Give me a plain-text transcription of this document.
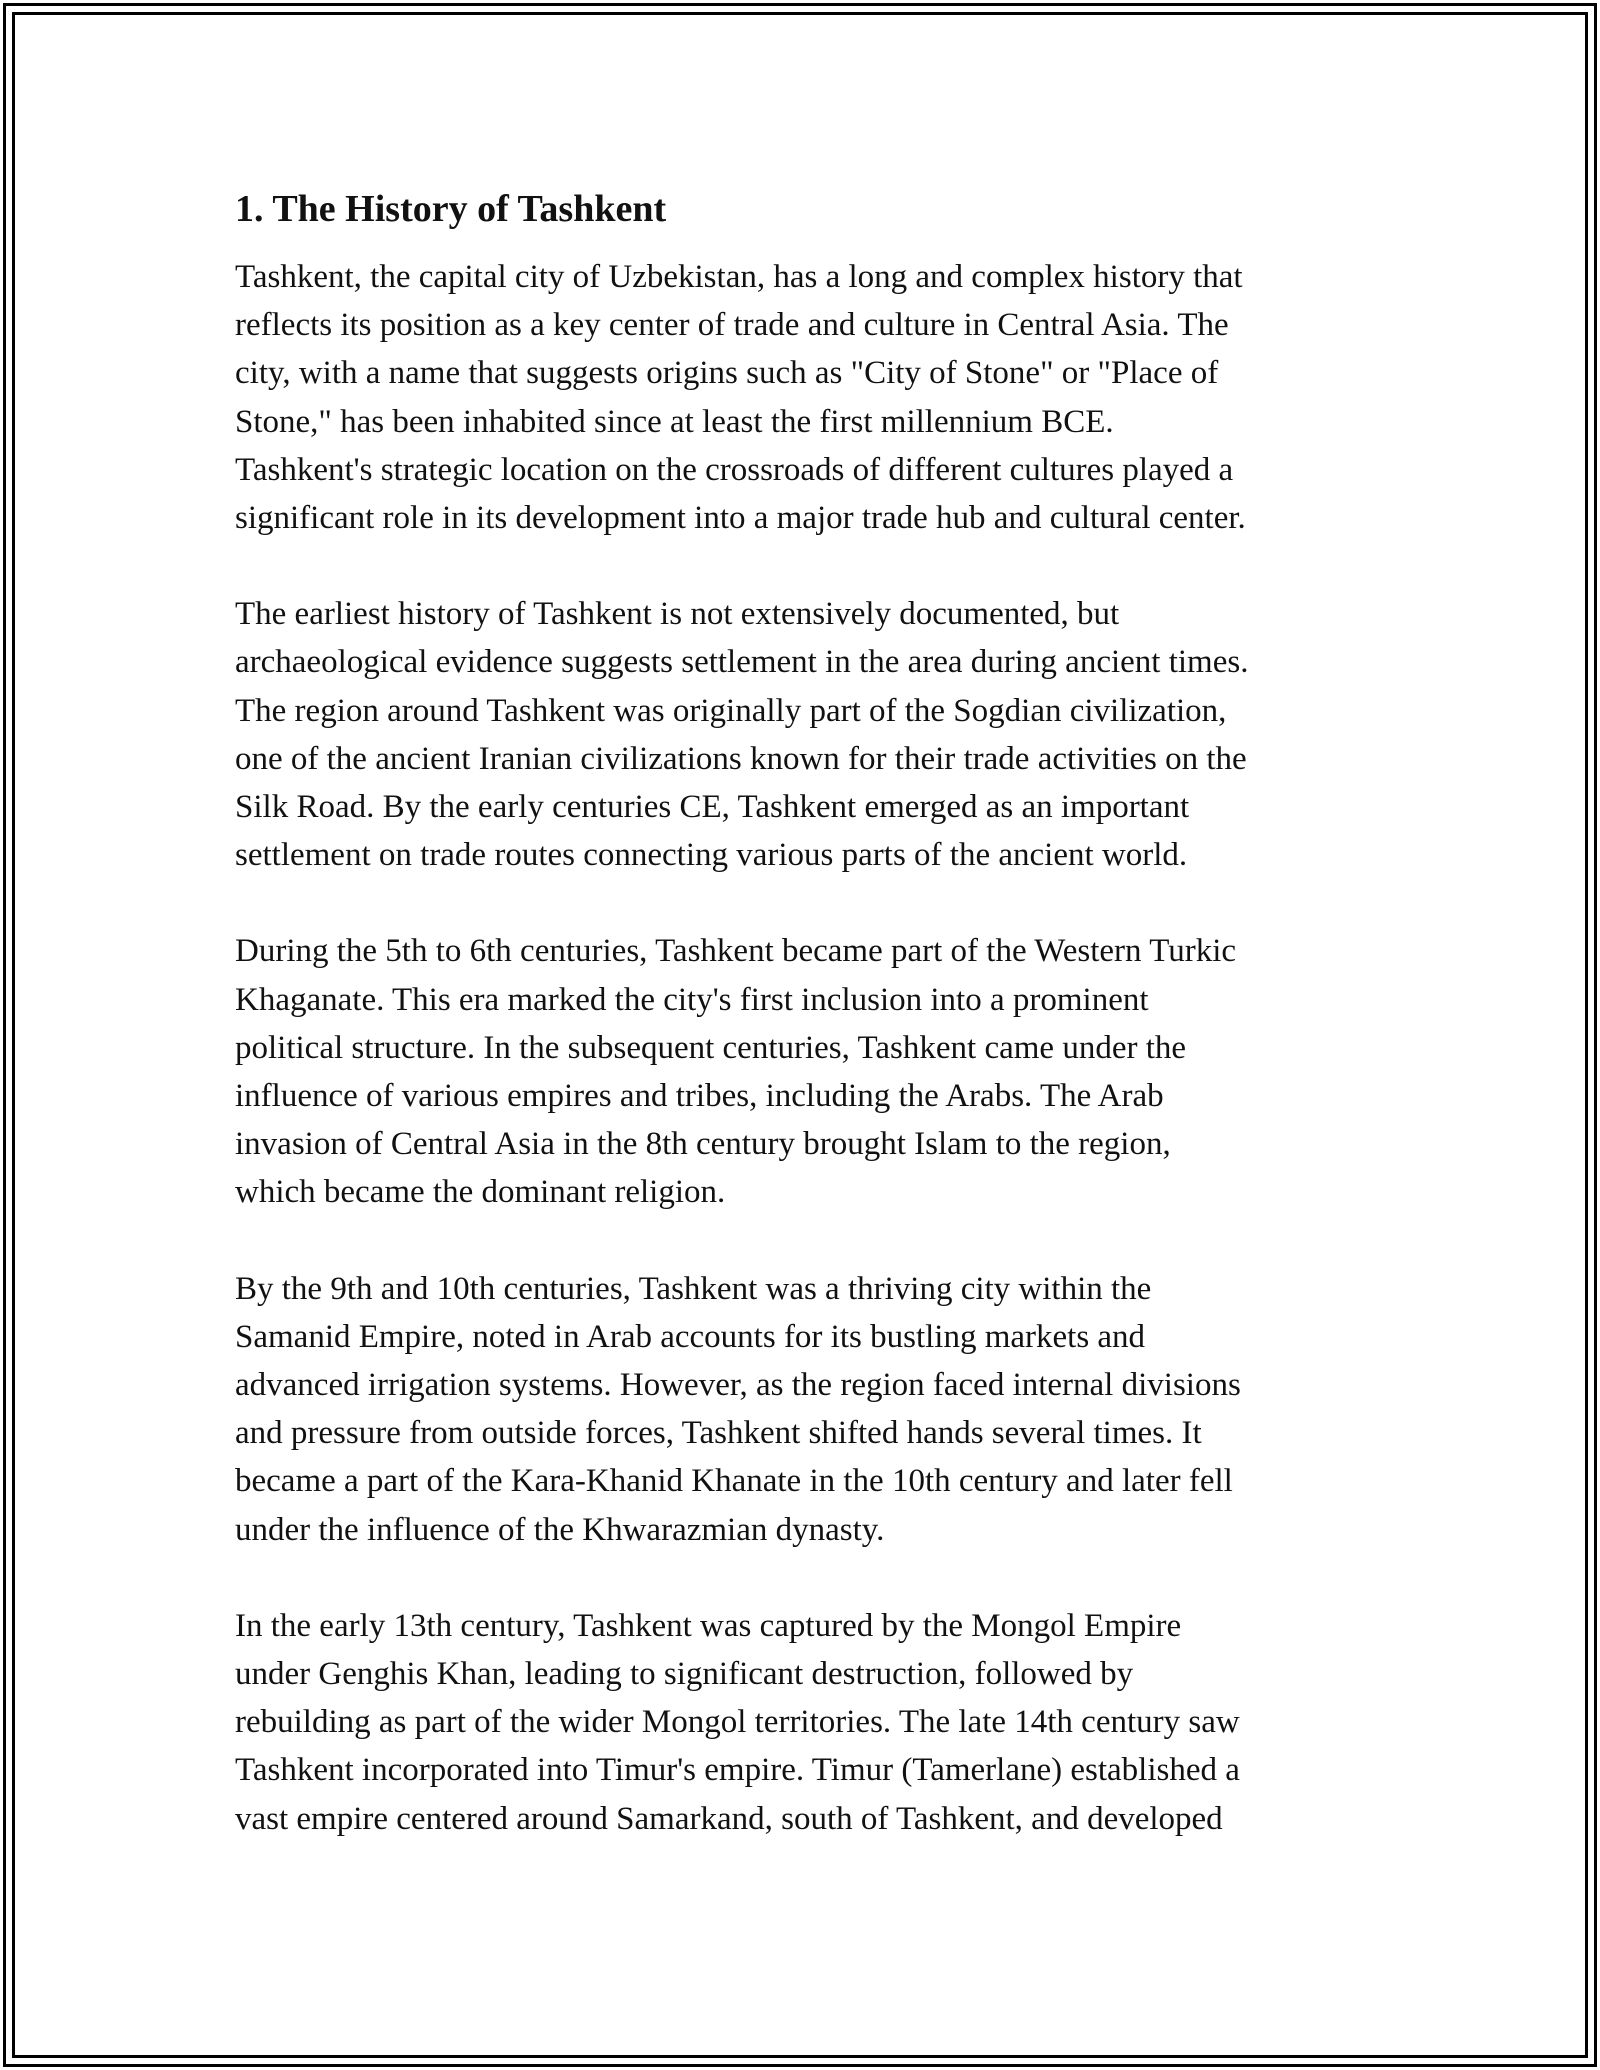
1. The History of Tashkent

Tashkent, the capital city of Uzbekistan, has a long and complex history that
reflects its position as a key center of trade and culture in Central Asia. The
city, with a name that suggests origins such as "City of Stone" or "Place of
Stone," has been inhabited since at least the first millennium BCE.
Tashkent's strategic location on the crossroads of different cultures played a
significant role in its development into a major trade hub and cultural center.

The earliest history of Tashkent is not extensively documented, but
archaeological evidence suggests settlement in the area during ancient times.
The region around Tashkent was originally part of the Sogdian civilization,
one of the ancient Iranian civilizations known for their trade activities on the
Silk Road. By the early centuries CE, Tashkent emerged as an important
settlement on trade routes connecting various parts of the ancient world.

During the 5th to 6th centuries, Tashkent became part of the Western Turkic
Khaganate. This era marked the city's first inclusion into a prominent
political structure. In the subsequent centuries, Tashkent came under the
influence of various empires and tribes, including the Arabs. The Arab
invasion of Central Asia in the 8th century brought Islam to the region,
which became the dominant religion.

By the 9th and 10th centuries, Tashkent was a thriving city within the
Samanid Empire, noted in Arab accounts for its bustling markets and
advanced irrigation systems. However, as the region faced internal divisions
and pressure from outside forces, Tashkent shifted hands several times. It
became a part of the Kara-Khanid Khanate in the 10th century and later fell
under the influence of the Khwarazmian dynasty.

In the early 13th century, Tashkent was captured by the Mongol Empire
under Genghis Khan, leading to significant destruction, followed by
rebuilding as part of the wider Mongol territories. The late 14th century saw
Tashkent incorporated into Timur's empire. Timur (Tamerlane) established a
vast empire centered around Samarkand, south of Tashkent, and developed
